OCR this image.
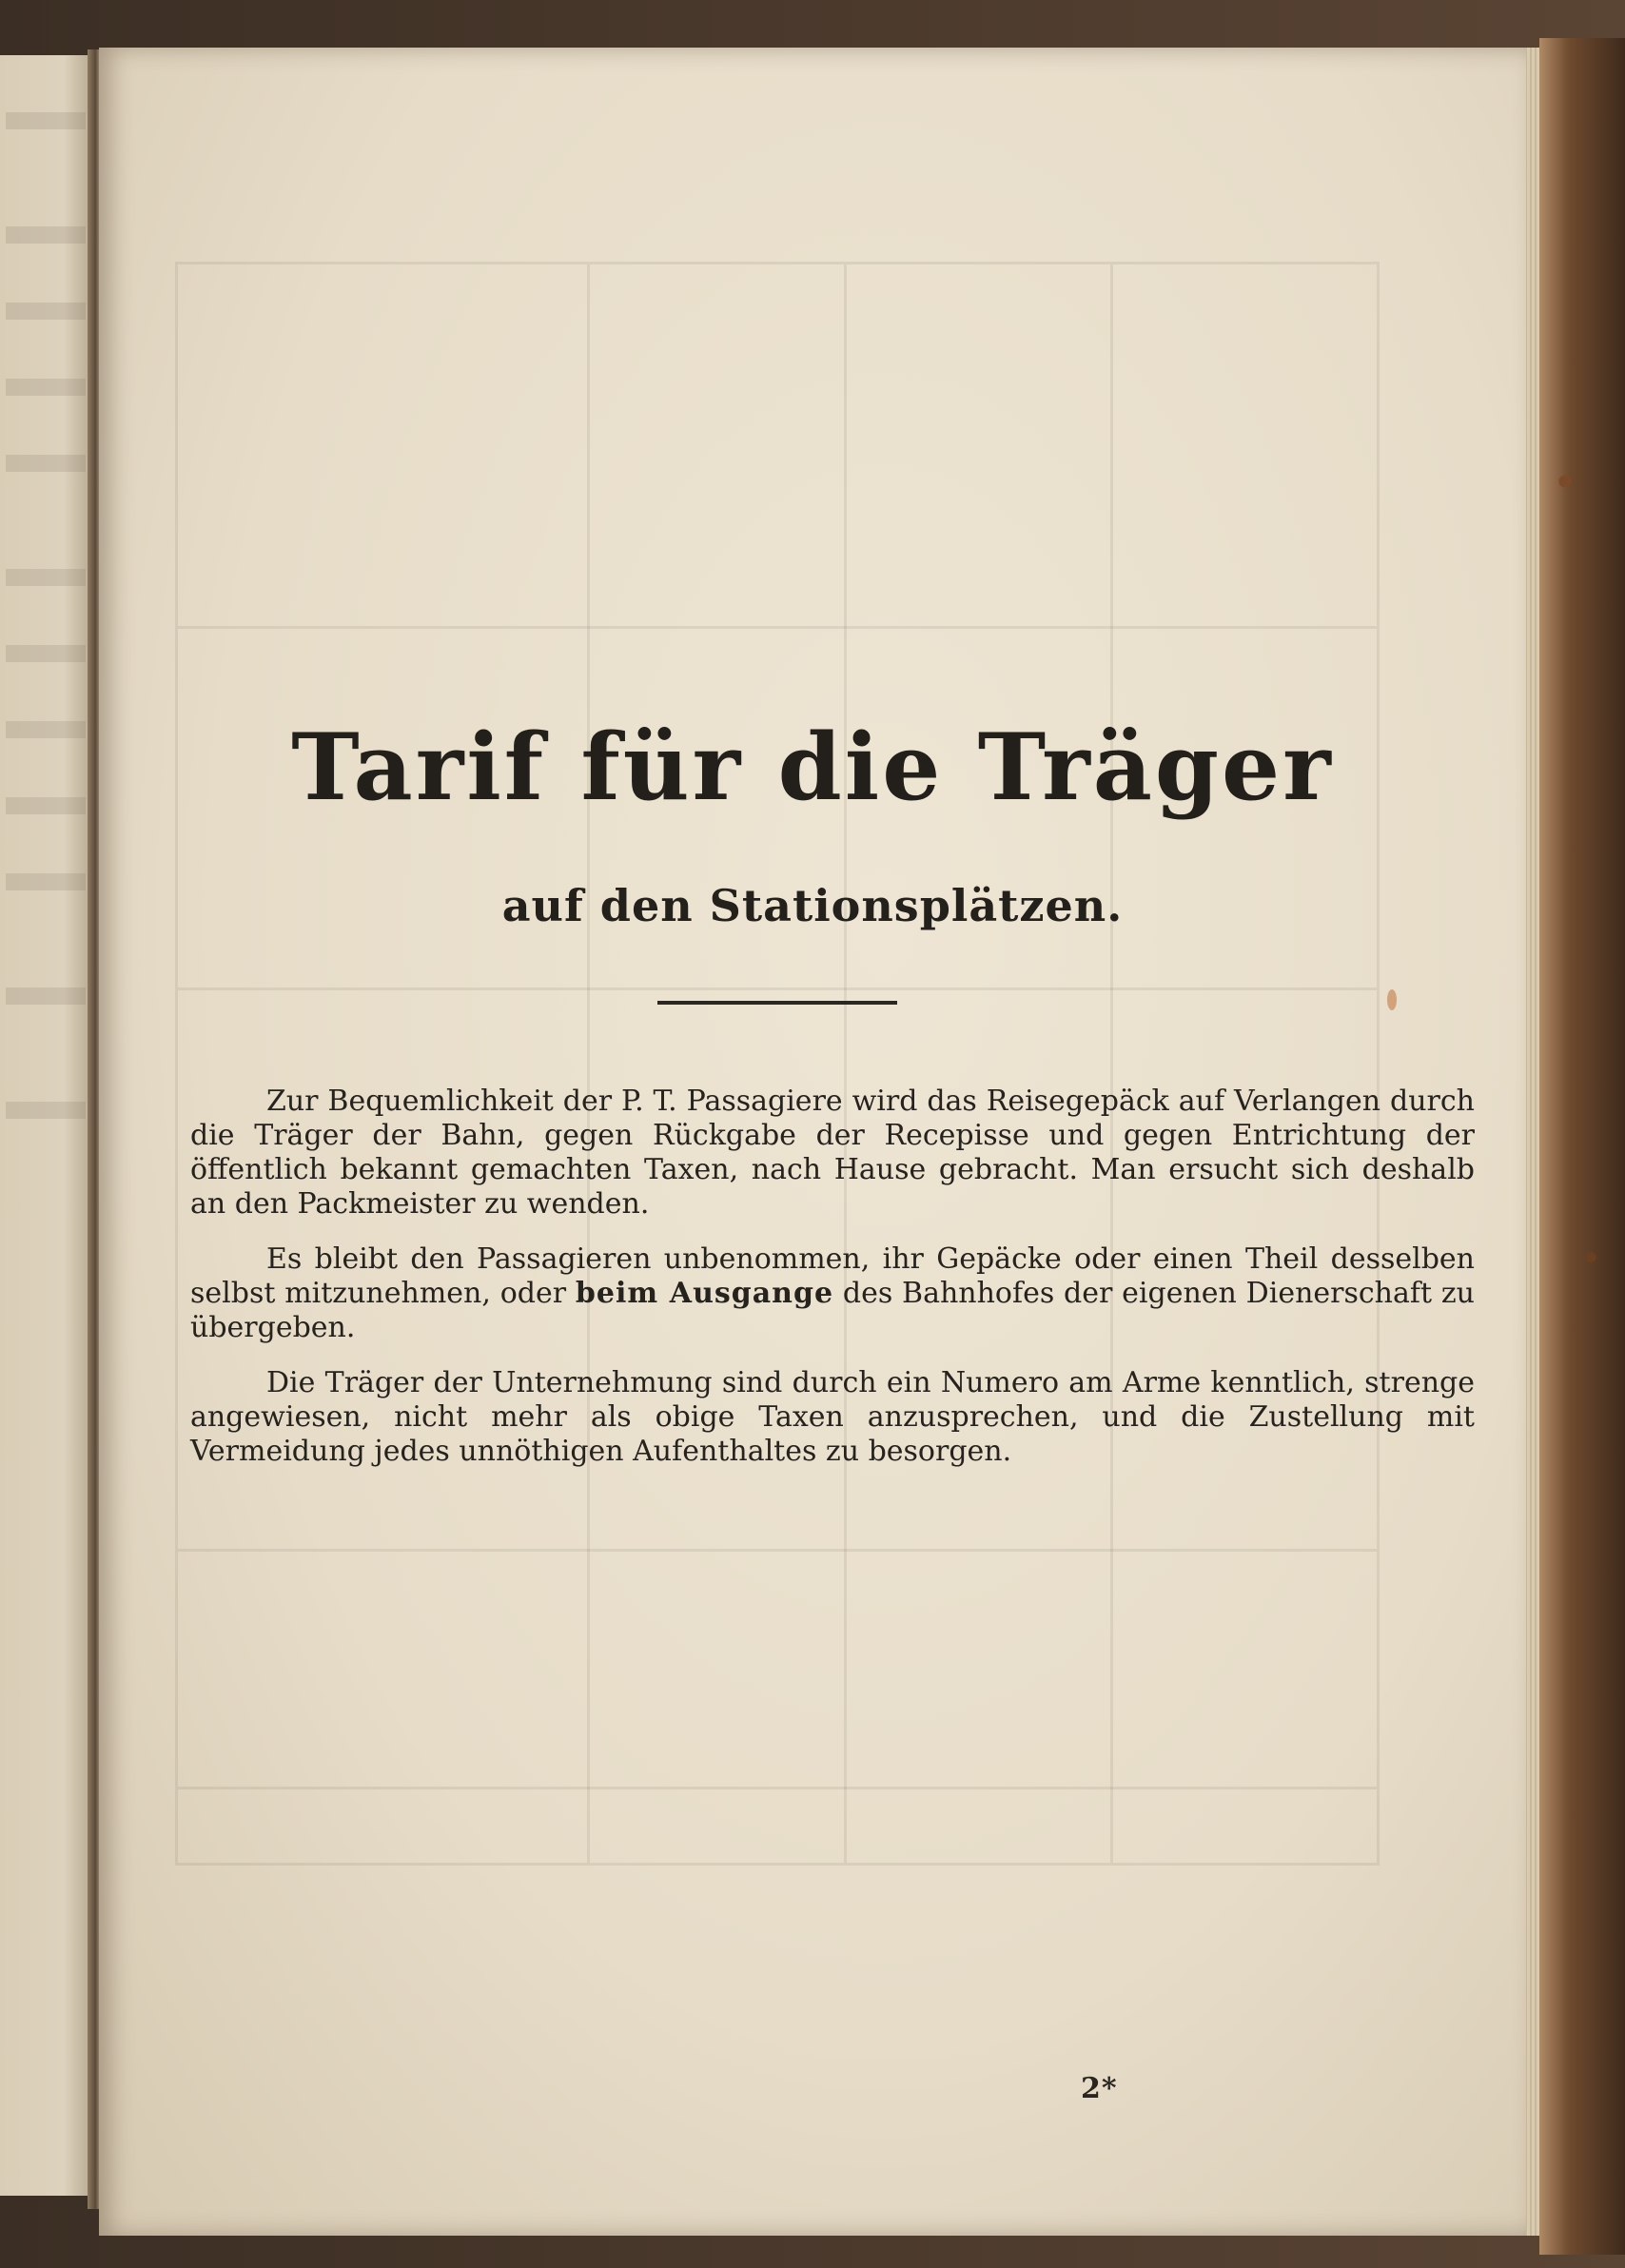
Tarif für die Träger
auf den Stationsplätzen.

Zur Bequemlichkeit der P. T. Passagiere wird das Reisegepäck auf Verlangen durch die Träger der Bahn, gegen Rückgabe der Recepisse und gegen Entrichtung der öffentlich bekannt gemachten Taxen, nach Hause gebracht. Man ersucht sich deshalb an den Packmeister zu wenden.

Es bleibt den Passagieren unbenommen, ihr Gepäcke oder einen Theil desselben selbst mitzunehmen, oder beim Ausgange des Bahnhofes der eigenen Dienerschaft zu übergeben.

Die Träger der Unternehmung sind durch ein Numero am Arme kenntlich, strenge angewiesen, nicht mehr als obige Taxen anzusprechen, und die Zustellung mit Vermeidung jedes unnöthigen Aufenthaltes zu besorgen.

2*
